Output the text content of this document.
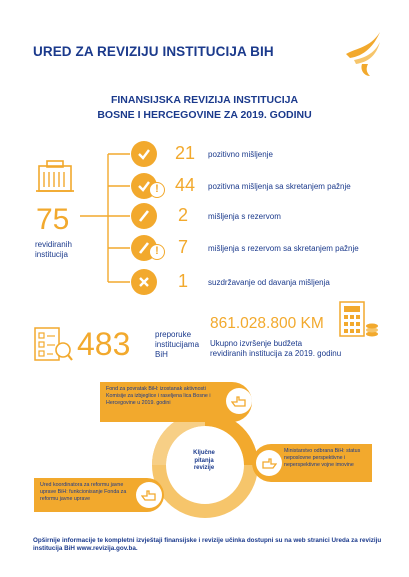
URED ZA REVIZIJU INSTITUCIJA BIH
FINANSIJSKA REVIZIJA INSTITUCIJA
BOSNE I HERCEGOVINE ZA 2019. GODINU
75
revidiranih
institucija
21	pozitivno mišljenje
! 44	pozitivna mišljenja sa skretanjem pažnje
2	mišljenja s rezervom
!	7	mišljenja s rezervom sa skretanjem pažnje
1	suzdržavanje od davanja mišljenja
483	preporuke
institucijama
BiH
861.028.800 KM
Ukupno izvršenje budžeta
revidiranih institucija za 2019. godinu
Ključne
pitanja
revizije
Fond za povratak BiH: izostanak aktivnosti Komisije za izbjeglice i raseljena lica Bosne i Hercegovine u 2019. godini
Ministarstvo odbrana BiH: status neposlovne perspektivne i neperspektivne vojne imovine
Ured koordinatora za reformu javne uprave BiH: funkcionisanje Fonda za reformu javne uprave
Opširnije informacije te kompletni izvještaji finansijske i revizije učinka dostupni su na web stranici Ureda za reviziju institucija BiH www.revizija.gov.ba.
